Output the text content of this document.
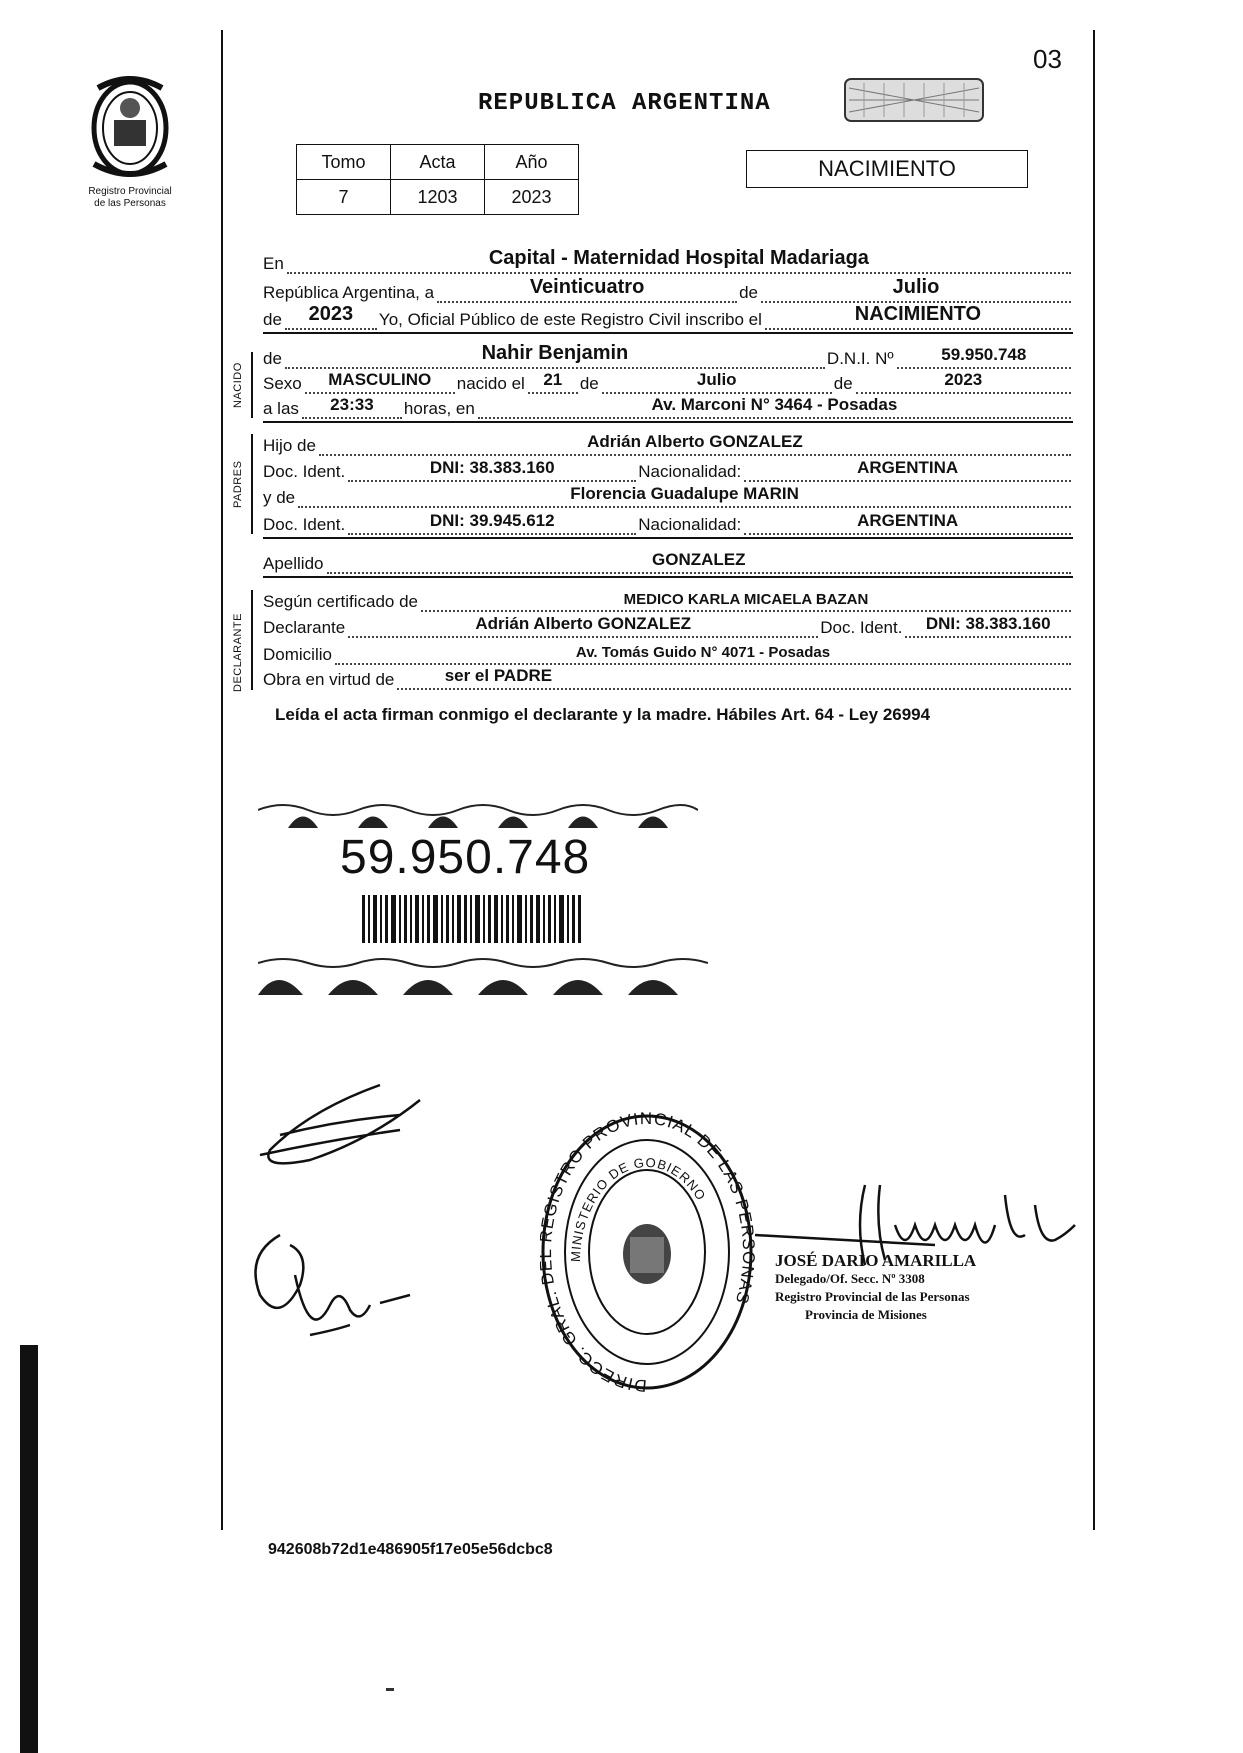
Registro Provincial
de las Personas
03
REPUBLICA ARGENTINA
Tomo	Acta	Año
7	1203	2023
NACIMIENTO
En	Capital - Maternidad Hospital Madariaga
República Argentina, a	Veinticuatro	de	Julio
de 2023 Yo, Oficial Público de este Registro Civil inscribo el	NACIMIENTO
NACIDO
de	Nahir Benjamin	D.N.I. Nº	59.950.748
Sexo MASCULINO nacido el 21 de	Julio	de	2023
a las 23:33 horas, en	Av. Marconi N° 3464 - Posadas
PADRES
Hijo de	Adrián Alberto GONZALEZ
Doc. Ident.	DNI: 38.383.160	Nacionalidad:	ARGENTINA
y de	Florencia Guadalupe MARIN
Doc. Ident.	DNI: 39.945.612	Nacionalidad:	ARGENTINA
Apellido	GONZALEZ
DECLARANTE
Según certificado de	MEDICO KARLA MICAELA BAZAN
Declarante	Adrián Alberto GONZALEZ	Doc. Ident. DNI: 38.383.160
Domicilio	Av. Tomás Guido N° 4071 - Posadas
Obra en virtud de	ser el PADRE
Leída el acta firman conmigo el declarante y la madre. Hábiles Art. 64 - Ley 26994
59.950.748
DIRECC. GRAL. GISTRO PROVINCIAL DE LAS PE AS
MINISTERIO DE GOBIERNO
JOSÉ DARIO AMARILLA
Delegado/Of. Secc. Nº 3308
Registro Provincial de las Personas
Provincia de Misiones
942608b72d1e486905f17e05e56dcbc8
